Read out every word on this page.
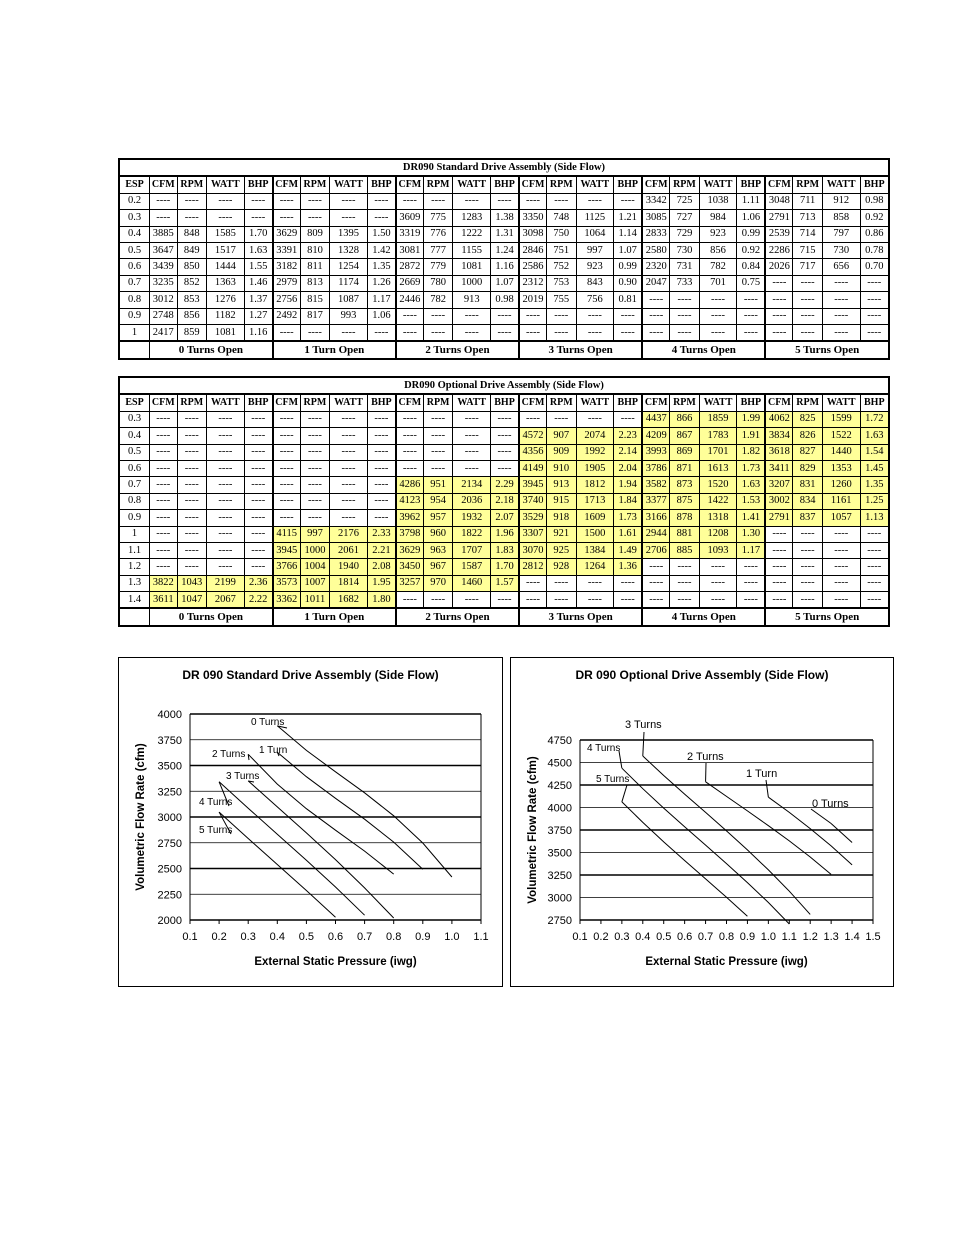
DR090 Standard Drive Assembly (Side Flow)																								
ESP	CFM	RPM	WATT	BHP	CFM	RPM	WATT	BHP	CFM	RPM	WATT	BHP	CFM	RPM	WATT	BHP	CFM	RPM	WATT	BHP	CFM	RPM	WATT	BHP
0.2	----	----	----	----	----	----	----	----	----	----	----	----	----	----	----	----	3342	725	1038	1.11	3048	711	912	0.98
0.3	----	----	----	----	----	----	----	----	3609	775	1283	1.38	3350	748	1125	1.21	3085	727	984	1.06	2791	713	858	0.92
0.4	3885	848	1585	1.70	3629	809	1395	1.50	3319	776	1222	1.31	3098	750	1064	1.14	2833	729	923	0.99	2539	714	797	0.86
0.5	3647	849	1517	1.63	3391	810	1328	1.42	3081	777	1155	1.24	2846	751	997	1.07	2580	730	856	0.92	2286	715	730	0.78
0.6	3439	850	1444	1.55	3182	811	1254	1.35	2872	779	1081	1.16	2586	752	923	0.99	2320	731	782	0.84	2026	717	656	0.70
0.7	3235	852	1363	1.46	2979	813	1174	1.26	2669	780	1000	1.07	2312	753	843	0.90	2047	733	701	0.75	----	----	----	----
0.8	3012	853	1276	1.37	2756	815	1087	1.17	2446	782	913	0.98	2019	755	756	0.81	----	----	----	----	----	----	----	----
0.9	2748	856	1182	1.27	2492	817	993	1.06	----	----	----	----	----	----	----	----	----	----	----	----	----	----	----	----
1	2417	859	1081	1.16	----	----	----	----	----	----	----	----	----	----	----	----	----	----	----	----	----	----	----	----
	0 Turns Open				1 Turn Open				2 Turns Open				3 Turns Open				4 Turns Open				5 Turns Open			
DR090 Optional Drive Assembly (Side Flow)																								
ESP	CFM	RPM	WATT	BHP	CFM	RPM	WATT	BHP	CFM	RPM	WATT	BHP	CFM	RPM	WATT	BHP	CFM	RPM	WATT	BHP	CFM	RPM	WATT	BHP
0.3	----	----	----	----	----	----	----	----	----	----	----	----	----	----	----	----	4437	866	1859	1.99	4062	825	1599	1.72
0.4	----	----	----	----	----	----	----	----	----	----	----	----	4572	907	2074	2.23	4209	867	1783	1.91	3834	826	1522	1.63
0.5	----	----	----	----	----	----	----	----	----	----	----	----	4356	909	1992	2.14	3993	869	1701	1.82	3618	827	1440	1.54
0.6	----	----	----	----	----	----	----	----	----	----	----	----	4149	910	1905	2.04	3786	871	1613	1.73	3411	829	1353	1.45
0.7	----	----	----	----	----	----	----	----	4286	951	2134	2.29	3945	913	1812	1.94	3582	873	1520	1.63	3207	831	1260	1.35
0.8	----	----	----	----	----	----	----	----	4123	954	2036	2.18	3740	915	1713	1.84	3377	875	1422	1.53	3002	834	1161	1.25
0.9	----	----	----	----	----	----	----	----	3962	957	1932	2.07	3529	918	1609	1.73	3166	878	1318	1.41	2791	837	1057	1.13
1	----	----	----	----	4115	997	2176	2.33	3798	960	1822	1.96	3307	921	1500	1.61	2944	881	1208	1.30	----	----	----	----
1.1	----	----	----	----	3945	1000	2061	2.21	3629	963	1707	1.83	3070	925	1384	1.49	2706	885	1093	1.17	----	----	----	----
1.2	----	----	----	----	3766	1004	1940	2.08	3450	967	1587	1.70	2812	928	1264	1.36	----	----	----	----	----	----	----	----
1.3	3822	1043	2199	2.36	3573	1007	1814	1.95	3257	970	1460	1.57	----	----	----	----	----	----	----	----	----	----	----	----
1.4	3611	1047	2067	2.22	3362	1011	1682	1.80	----	----	----	----	----	----	----	----	----	----	----	----	----	----	----	----
	0 Turns Open				1 Turn Open				2 Turns Open				3 Turns Open				4 Turns Open				5 Turns Open			
DR 090 Standard Drive Assembly (Side Flow)
2000
2250
2500
2750
3000
3250
3500
3750
4000
0.1 0.2 0.3 0.4 0.5 0.6 0.7 0.8 0.9 1.0 1.1
External Static Pressure (iwg)
Volumetric Flow Rate (cfm)
0 Turns
1 Turn
2 Turns
3 Turns
4 Turns
5 Turns
DR 090 Optional Drive Assembly (Side Flow)
2750
3000
3250
3500
3750
4000
4250
4500
4750
0.1 0.2 0.3 0.4 0.5 0.6 0.7 0.8 0.9 1.0 1.1 1.2 1.3 1.4 1.5
External Static Pressure (iwg)
Volumetric Flow Rate (cfm)	0 Turns
1 Turn
2 Turns
3 Turns
4 Turns
5 Turns
